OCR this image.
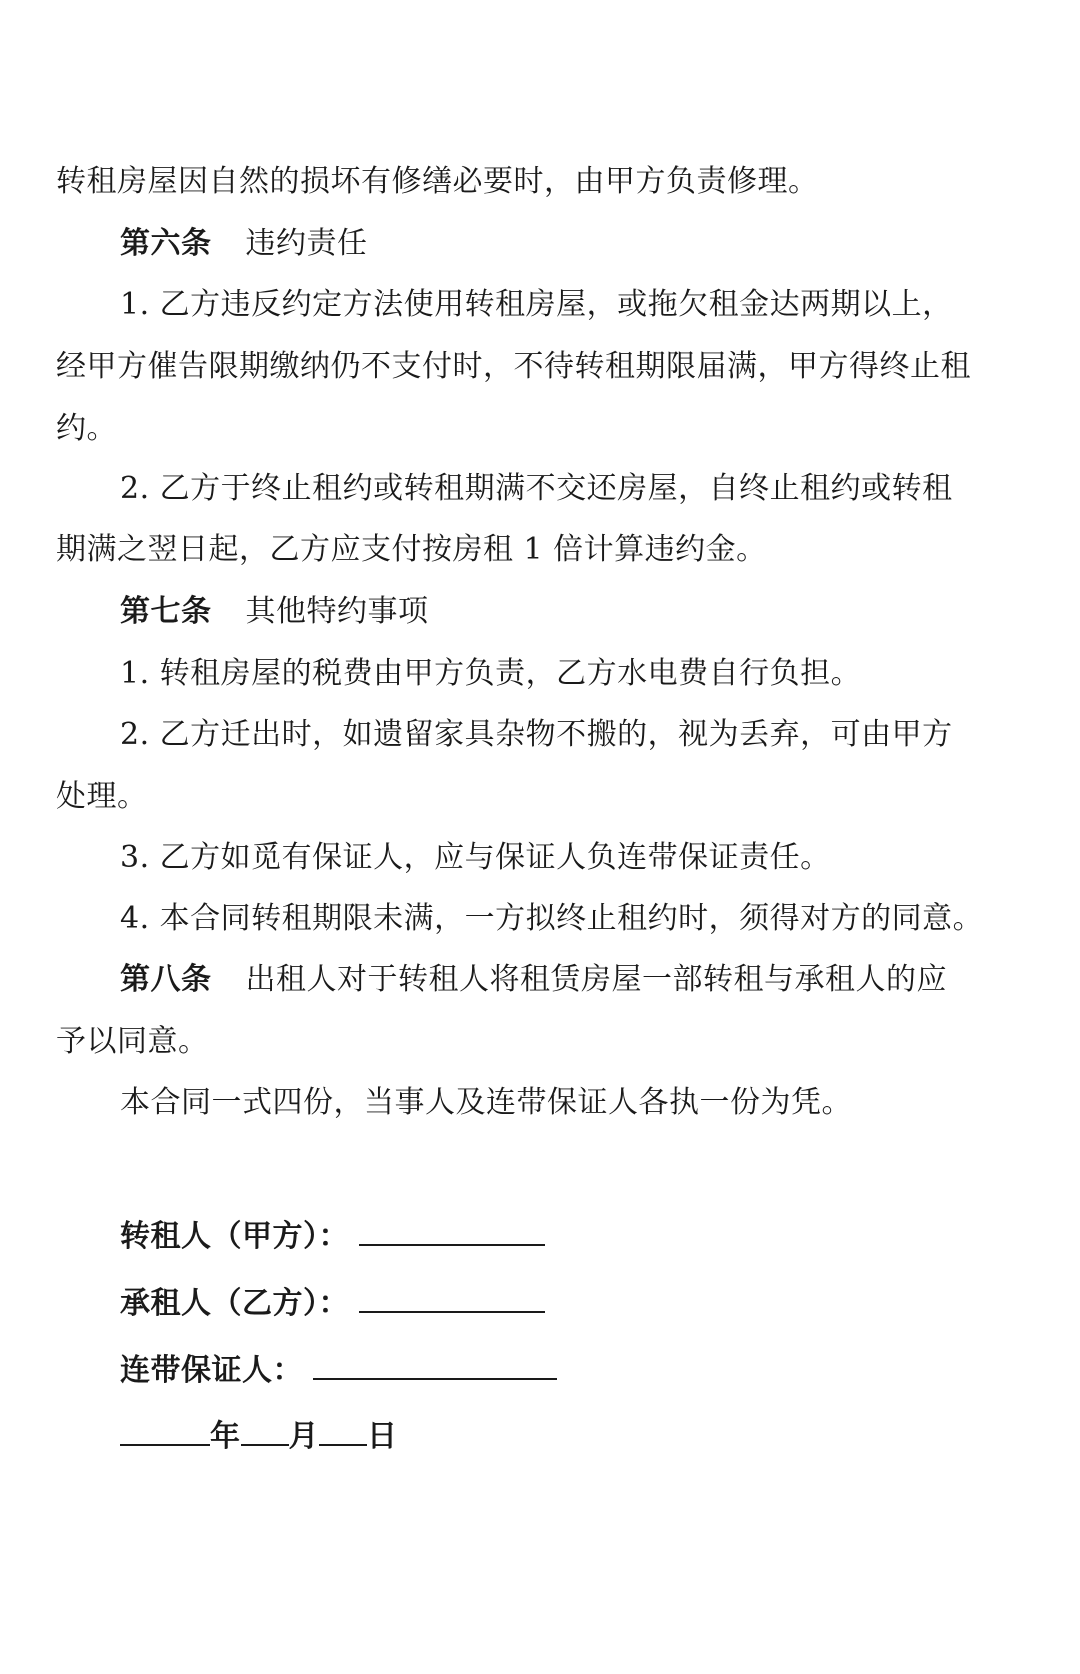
转租房屋因自然的损坏有修缮必要时，由甲方负责修理。
第六条 违约责任
1. 乙方违反约定方法使用转租房屋，或拖欠租金达两期以上，
经甲方催告限期缴纳仍不支付时，不待转租期限届满，甲方得终止租
约。
2. 乙方于终止租约或转租期满不交还房屋，自终止租约或转租
期满之翌日起，乙方应支付按房租 1 倍计算违约金。
第七条 其他特约事项
1. 转租房屋的税费由甲方负责，乙方水电费自行负担。
2. 乙方迁出时，如遗留家具杂物不搬的，视为丢弃，可由甲方
处理。
3. 乙方如觅有保证人，应与保证人负连带保证责任。
4. 本合同转租期限未满，一方拟终止租约时，须得对方的同意。
第八条 出租人对于转租人将租赁房屋一部转租与承租人的应
予以同意。
本合同一式四份，当事人及连带保证人各执一份为凭。
转租人（甲方）：
承租人（乙方）：
连带保证人：
年 月 日
